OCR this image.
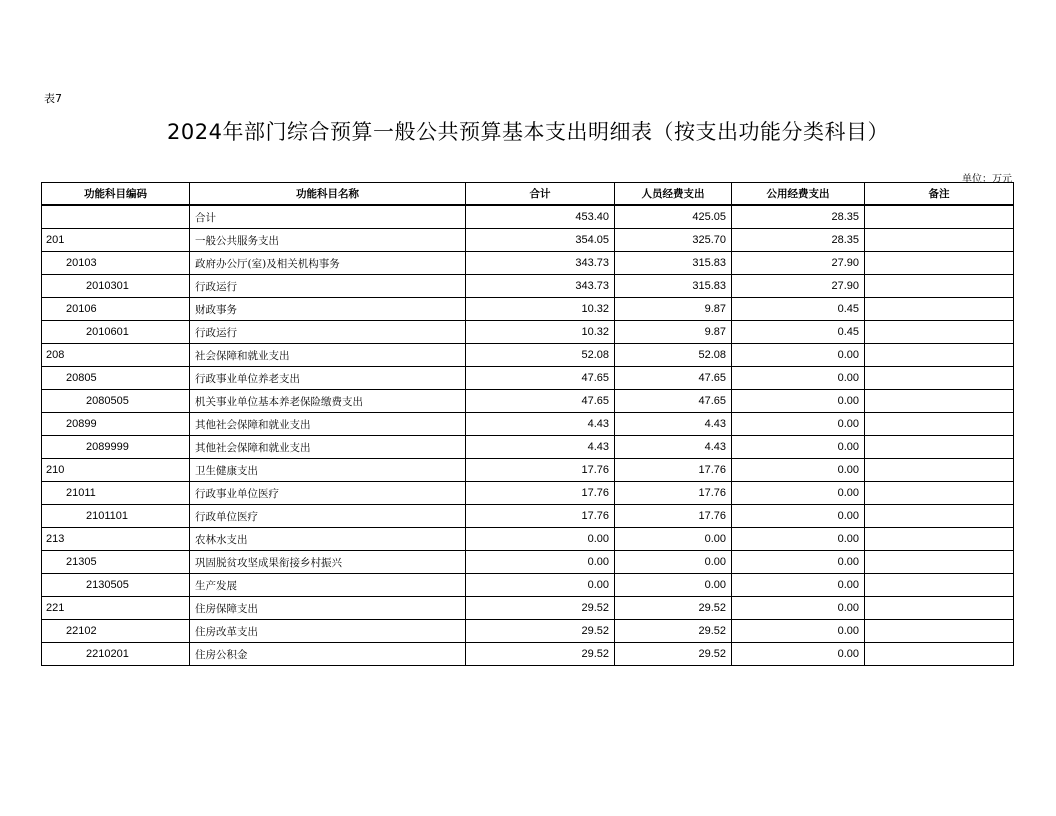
表7
2024年部门综合预算一般公共预算基本支出明细表（按支出功能分类科目）
单位：万元
功能科目编码	功能科目名称	合计	人员经费支出	公用经费支出	备注
	合计	453.40	425.05	28.35	
201	一般公共服务支出	354.05	325.70	28.35	
20103	政府办公厅(室)及相关机构事务	343.73	315.83	27.90	
2010301	行政运行	343.73	315.83	27.90	
20106	财政事务	10.32	9.87	0.45	
2010601	行政运行	10.32	9.87	0.45	
208	社会保障和就业支出	52.08	52.08	0.00	
20805	行政事业单位养老支出	47.65	47.65	0.00	
2080505	机关事业单位基本养老保险缴费支出	47.65	47.65	0.00	
20899	其他社会保障和就业支出	4.43	4.43	0.00	
2089999	其他社会保障和就业支出	4.43	4.43	0.00	
210	卫生健康支出	17.76	17.76	0.00	
21011	行政事业单位医疗	17.76	17.76	0.00	
2101101	行政单位医疗	17.76	17.76	0.00	
213	农林水支出	0.00	0.00	0.00	
21305	巩固脱贫攻坚成果衔接乡村振兴	0.00	0.00	0.00	
2130505	生产发展	0.00	0.00	0.00	
221	住房保障支出	29.52	29.52	0.00	
22102	住房改革支出	29.52	29.52	0.00	
2210201	住房公积金	29.52	29.52	0.00	
